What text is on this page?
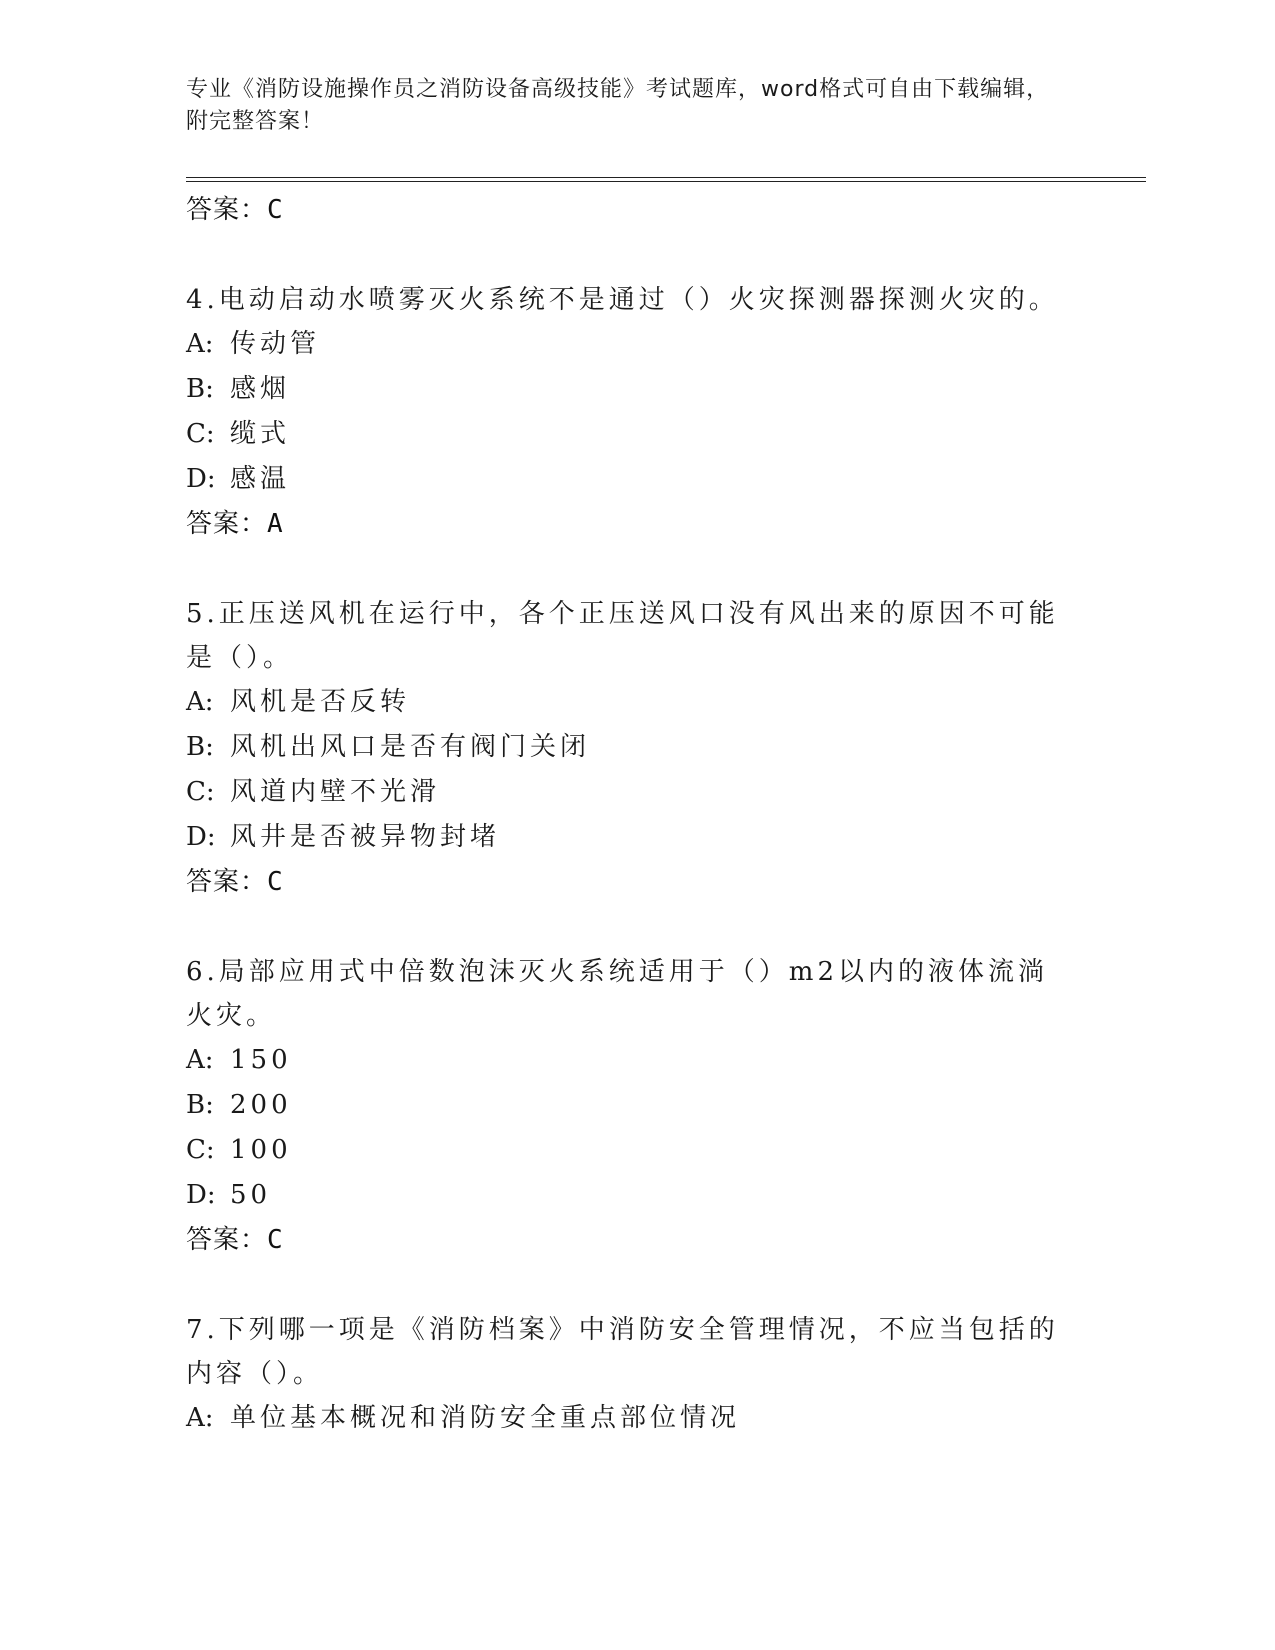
专业《消防设施操作员之消防设备高级技能》考试题库，word格式可自由下载编辑，附完整答案！
答案：C
4.电动启动水喷雾灭火系统不是通过（）火灾探测器探测火灾的。
A: 传动管
B: 感烟
C: 缆式
D: 感温
答案：A
5.正压送风机在运行中，各个正压送风口没有风出来的原因不可能是（）。
A: 风机是否反转
B: 风机出风口是否有阀门关闭
C: 风道内壁不光滑
D: 风井是否被异物封堵
答案：C
6.局部应用式中倍数泡沫灭火系统适用于（）m2以内的液体流淌火灾。
A: 150
B: 200
C: 100
D: 50
答案：C
7.下列哪一项是《消防档案》中消防安全管理情况，不应当包括的内容（）。
A: 单位基本概况和消防安全重点部位情况
